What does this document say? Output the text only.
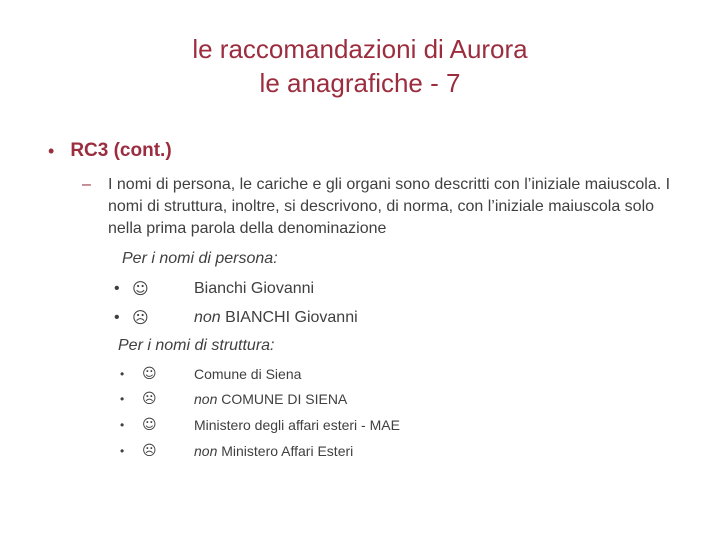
le raccomandazioni di Aurora
le anagrafiche - 7
• RC3 (cont.)
– I nomi di persona, le cariche e gli organi sono descritti con l’iniziale maiuscola. I nomi di struttura, inoltre, si descrivono, di norma, con l’iniziale maiuscola solo nella prima parola della denominazione
Per i nomi di persona:
• ☺	Bianchi Giovanni
• ☹	non BIANCHI Giovanni
Per i nomi di struttura:
• ☺	Comune di Siena
• ☹	non COMUNE DI SIENA
• ☺	Ministero degli affari esteri - MAE
• ☹	non Ministero Affari Esteri
